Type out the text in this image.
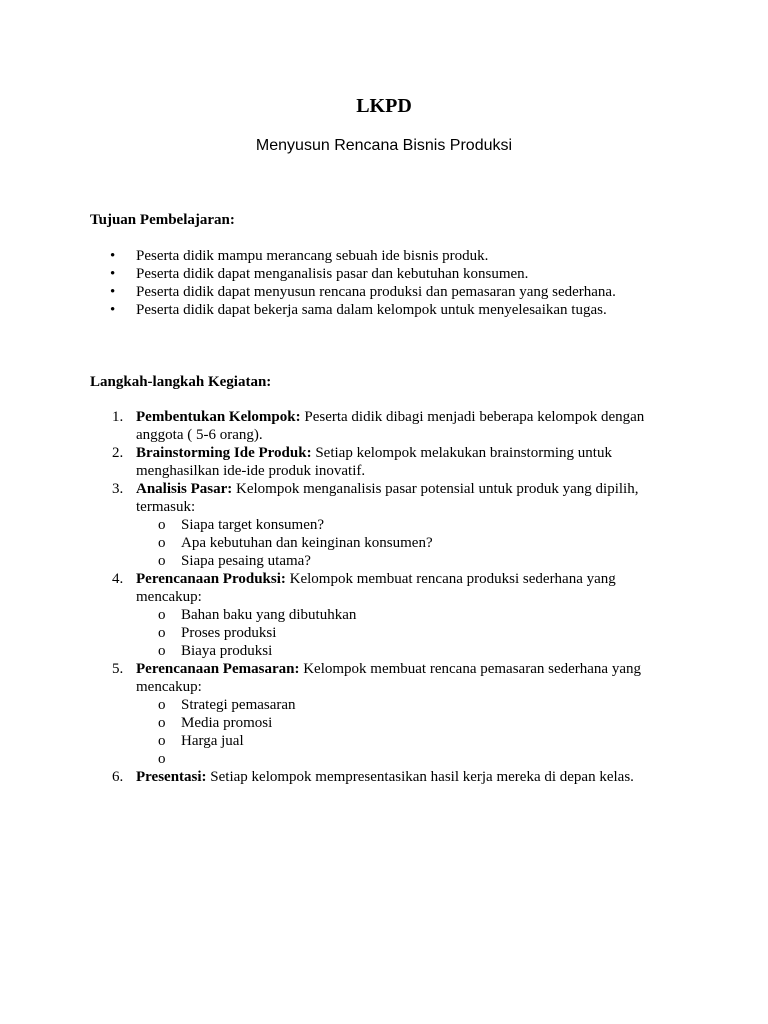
LKPD
Menyusun Rencana Bisnis Produksi
Tujuan Pembelajaran:
• Peserta didik mampu merancang sebuah ide bisnis produk.
• Peserta didik dapat menganalisis pasar dan kebutuhan konsumen.
• Peserta didik dapat menyusun rencana produksi dan pemasaran yang sederhana.
• Peserta didik dapat bekerja sama dalam kelompok untuk menyelesaikan tugas.
Langkah-langkah Kegiatan:
1. Pembentukan Kelompok: Peserta didik dibagi menjadi beberapa kelompok dengan anggota ( 5-6 orang).
2. Brainstorming Ide Produk: Setiap kelompok melakukan brainstorming untuk menghasilkan ide-ide produk inovatif.
3. Analisis Pasar: Kelompok menganalisis pasar potensial untuk produk yang dipilih, termasuk:
o Siapa target konsumen?
o Apa kebutuhan dan keinginan konsumen?
o Siapa pesaing utama?
4. Perencanaan Produksi: Kelompok membuat rencana produksi sederhana yang mencakup:
o Bahan baku yang dibutuhkan
o Proses produksi
o Biaya produksi
5. Perencanaan Pemasaran: Kelompok membuat rencana pemasaran sederhana yang mencakup:
o Strategi pemasaran
o Media promosi
o Harga jual
o
6. Presentasi: Setiap kelompok mempresentasikan hasil kerja mereka di depan kelas.
